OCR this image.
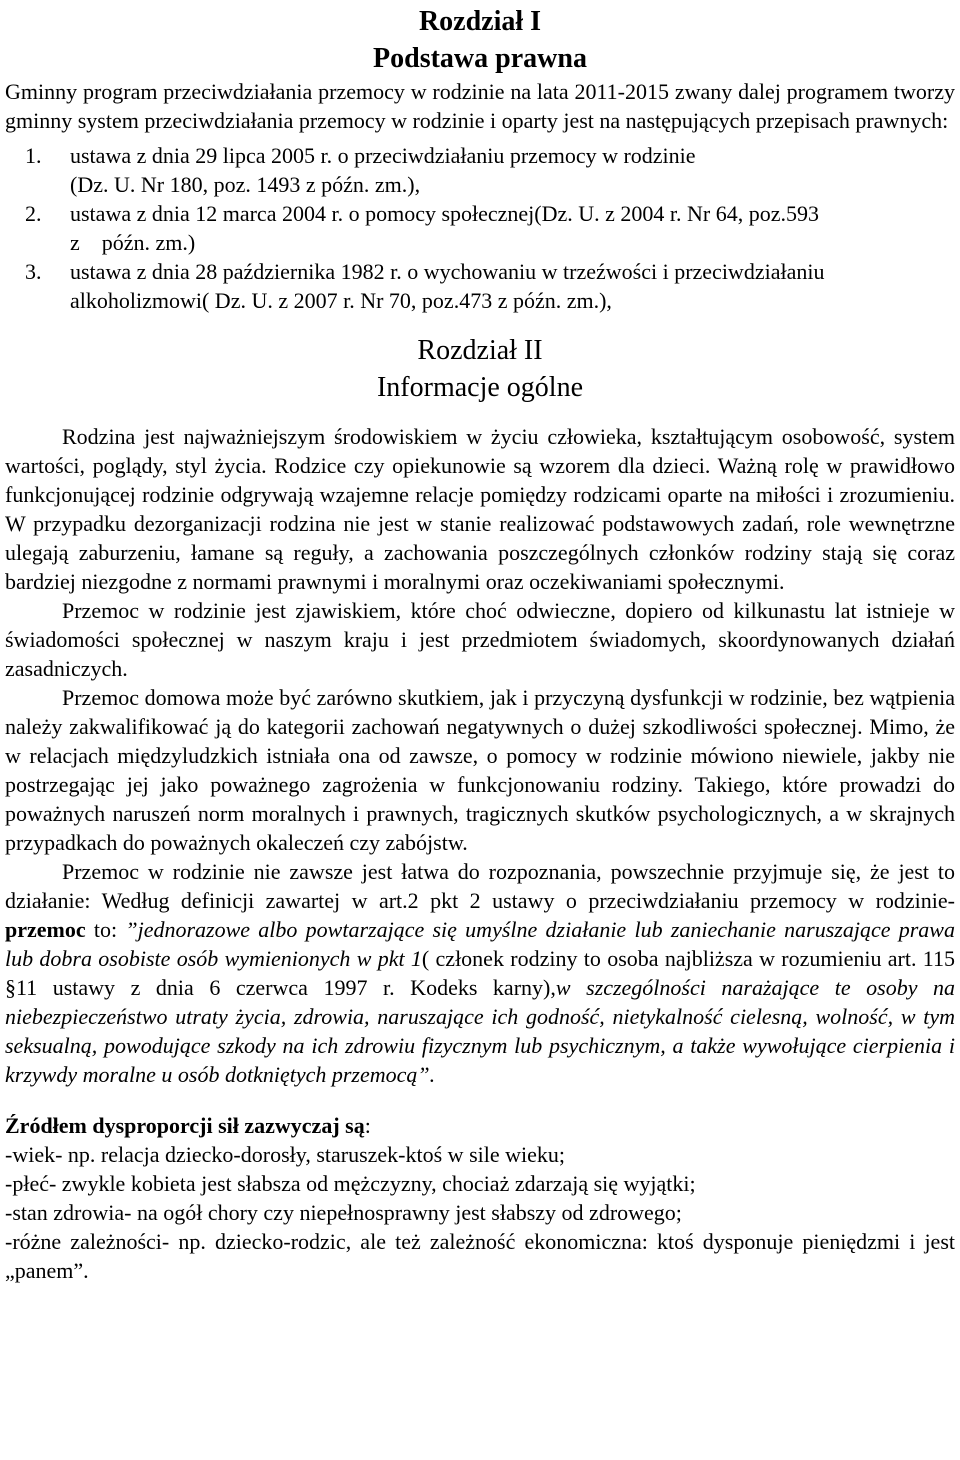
Rozdział I
Podstawa prawna

Gminny program przeciwdziałania przemocy w rodzinie na lata 2011-2015 zwany dalej programem tworzy gminny system przeciwdziałania przemocy w rodzinie i oparty jest na następujących przepisach prawnych:

1. ustawa z dnia 29 lipca 2005 r. o przeciwdziałaniu przemocy w rodzinie
(Dz. U. Nr 180, poz. 1493 z późn. zm.),
2. ustawa z dnia 12 marca 2004 r. o pomocy społecznej(Dz. U. z 2004 r. Nr 64, poz.593
z    późn. zm.)
3. ustawa z dnia 28 października 1982 r. o wychowaniu w trzeźwości i przeciwdziałaniu
alkoholizmowi( Dz. U. z 2007 r. Nr 70, poz.473 z późn. zm.),
Rozdział II
Informacje ogólne

Rodzina jest najważniejszym środowiskiem w życiu człowieka, kształtującym osobowość, system wartości, poglądy, styl życia. Rodzice czy opiekunowie są wzorem dla dzieci. Ważną rolę w prawidłowo funkcjonującej rodzinie odgrywają wzajemne relacje pomiędzy rodzicami oparte na miłości i zrozumieniu. W przypadku dezorganizacji rodzina nie jest w stanie realizować podstawowych zadań, role wewnętrzne ulegają zaburzeniu, łamane są reguły, a zachowania poszczególnych członków rodziny stają się coraz bardziej niezgodne z normami prawnymi i moralnymi oraz oczekiwaniami społecznymi.

Przemoc w rodzinie jest zjawiskiem, które choć odwieczne, dopiero od kilkunastu lat istnieje w świadomości społecznej w naszym kraju i jest przedmiotem świadomych, skoordynowanych działań zasadniczych.

Przemoc domowa może być zarówno skutkiem, jak i przyczyną dysfunkcji w rodzinie, bez wątpienia należy zakwalifikować ją do kategorii zachowań negatywnych o dużej szkodliwości społecznej. Mimo, że w relacjach międzyludzkich istniała ona od zawsze, o pomocy w rodzinie mówiono niewiele, jakby nie postrzegając jej jako poważnego zagrożenia w funkcjonowaniu rodziny. Takiego, które prowadzi do poważnych naruszeń norm moralnych i prawnych, tragicznych skutków psychologicznych, a w skrajnych przypadkach do poważnych okaleczeń czy zabójstw.

Przemoc w rodzinie nie zawsze jest łatwa do rozpoznania, powszechnie przyjmuje się, że jest to działanie: Według definicji zawartej w art.2 pkt 2 ustawy o przeciwdziałaniu przemocy w rodzinie- przemoc to: ”jednorazowe albo powtarzające się umyślne działanie lub zaniechanie naruszające prawa lub dobra osobiste osób wymienionych w pkt 1( członek rodziny to osoba najbliższa w rozumieniu art. 115 §11 ustawy z dnia 6 czerwca 1997 r. Kodeks karny),w szczególności narażające te osoby na niebezpieczeństwo utraty życia, zdrowia, naruszające ich godność, nietykalność cielesną, wolność, w tym seksualną, powodujące szkody na ich zdrowiu fizycznym lub psychicznym, a także wywołujące cierpienia i krzywdy moralne u osób dotkniętych przemocą”.

Źródłem dysproporcji sił zazwyczaj są:

-wiek- np. relacja dziecko-dorosły, staruszek-ktoś w sile wieku;

-płeć- zwykle kobieta jest słabsza od mężczyzny, chociaż zdarzają się wyjątki;

-stan zdrowia- na ogół chory czy niepełnosprawny jest słabszy od zdrowego;

-różne zależności- np. dziecko-rodzic, ale też zależność ekonomiczna: ktoś dysponuje pieniędzmi i jest „panem”.
